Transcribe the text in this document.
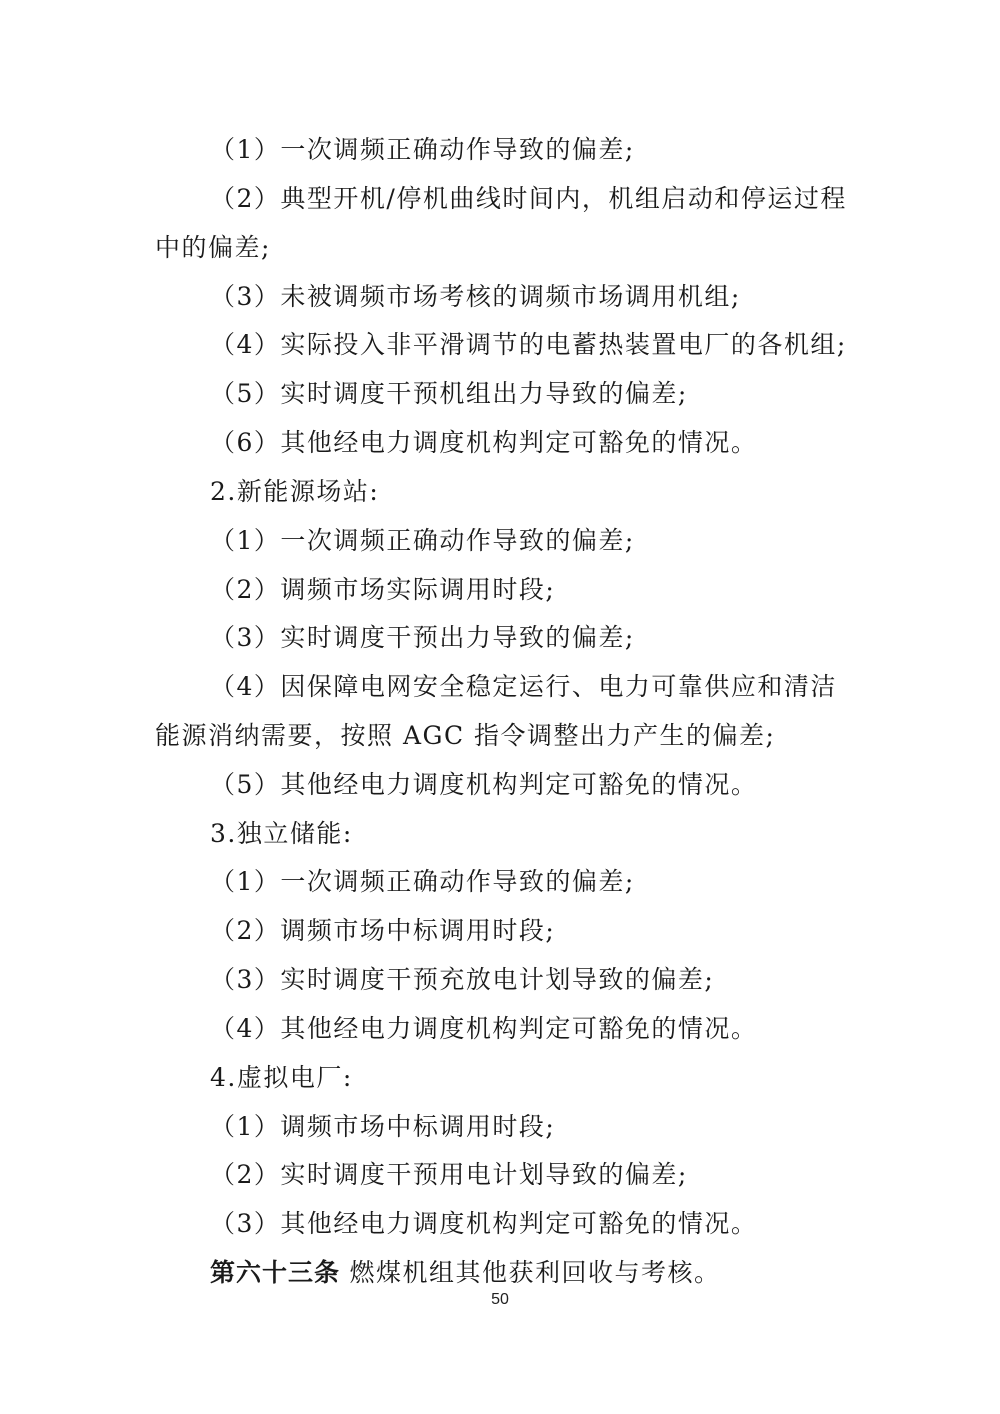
（1）一次调频正确动作导致的偏差;
（2）典型开机/停机曲线时间内，机组启动和停运过程
中的偏差;
（3）未被调频市场考核的调频市场调用机组;
（4）实际投入非平滑调节的电蓄热装置电厂的各机组;
（5）实时调度干预机组出力导致的偏差;
（6）其他经电力调度机构判定可豁免的情况。
2.新能源场站:
（1）一次调频正确动作导致的偏差;
（2）调频市场实际调用时段;
（3）实时调度干预出力导致的偏差;
（4）因保障电网安全稳定运行、电力可靠供应和清洁
能源消纳需要，按照 AGC 指令调整出力产生的偏差;
（5）其他经电力调度机构判定可豁免的情况。
3.独立储能:
（1）一次调频正确动作导致的偏差;
（2）调频市场中标调用时段;
（3）实时调度干预充放电计划导致的偏差;
（4）其他经电力调度机构判定可豁免的情况。
4.虚拟电厂:
（1）调频市场中标调用时段;
（2）实时调度干预用电计划导致的偏差;
（3）其他经电力调度机构判定可豁免的情况。
第六十三条 燃煤机组其他获利回收与考核。
50
